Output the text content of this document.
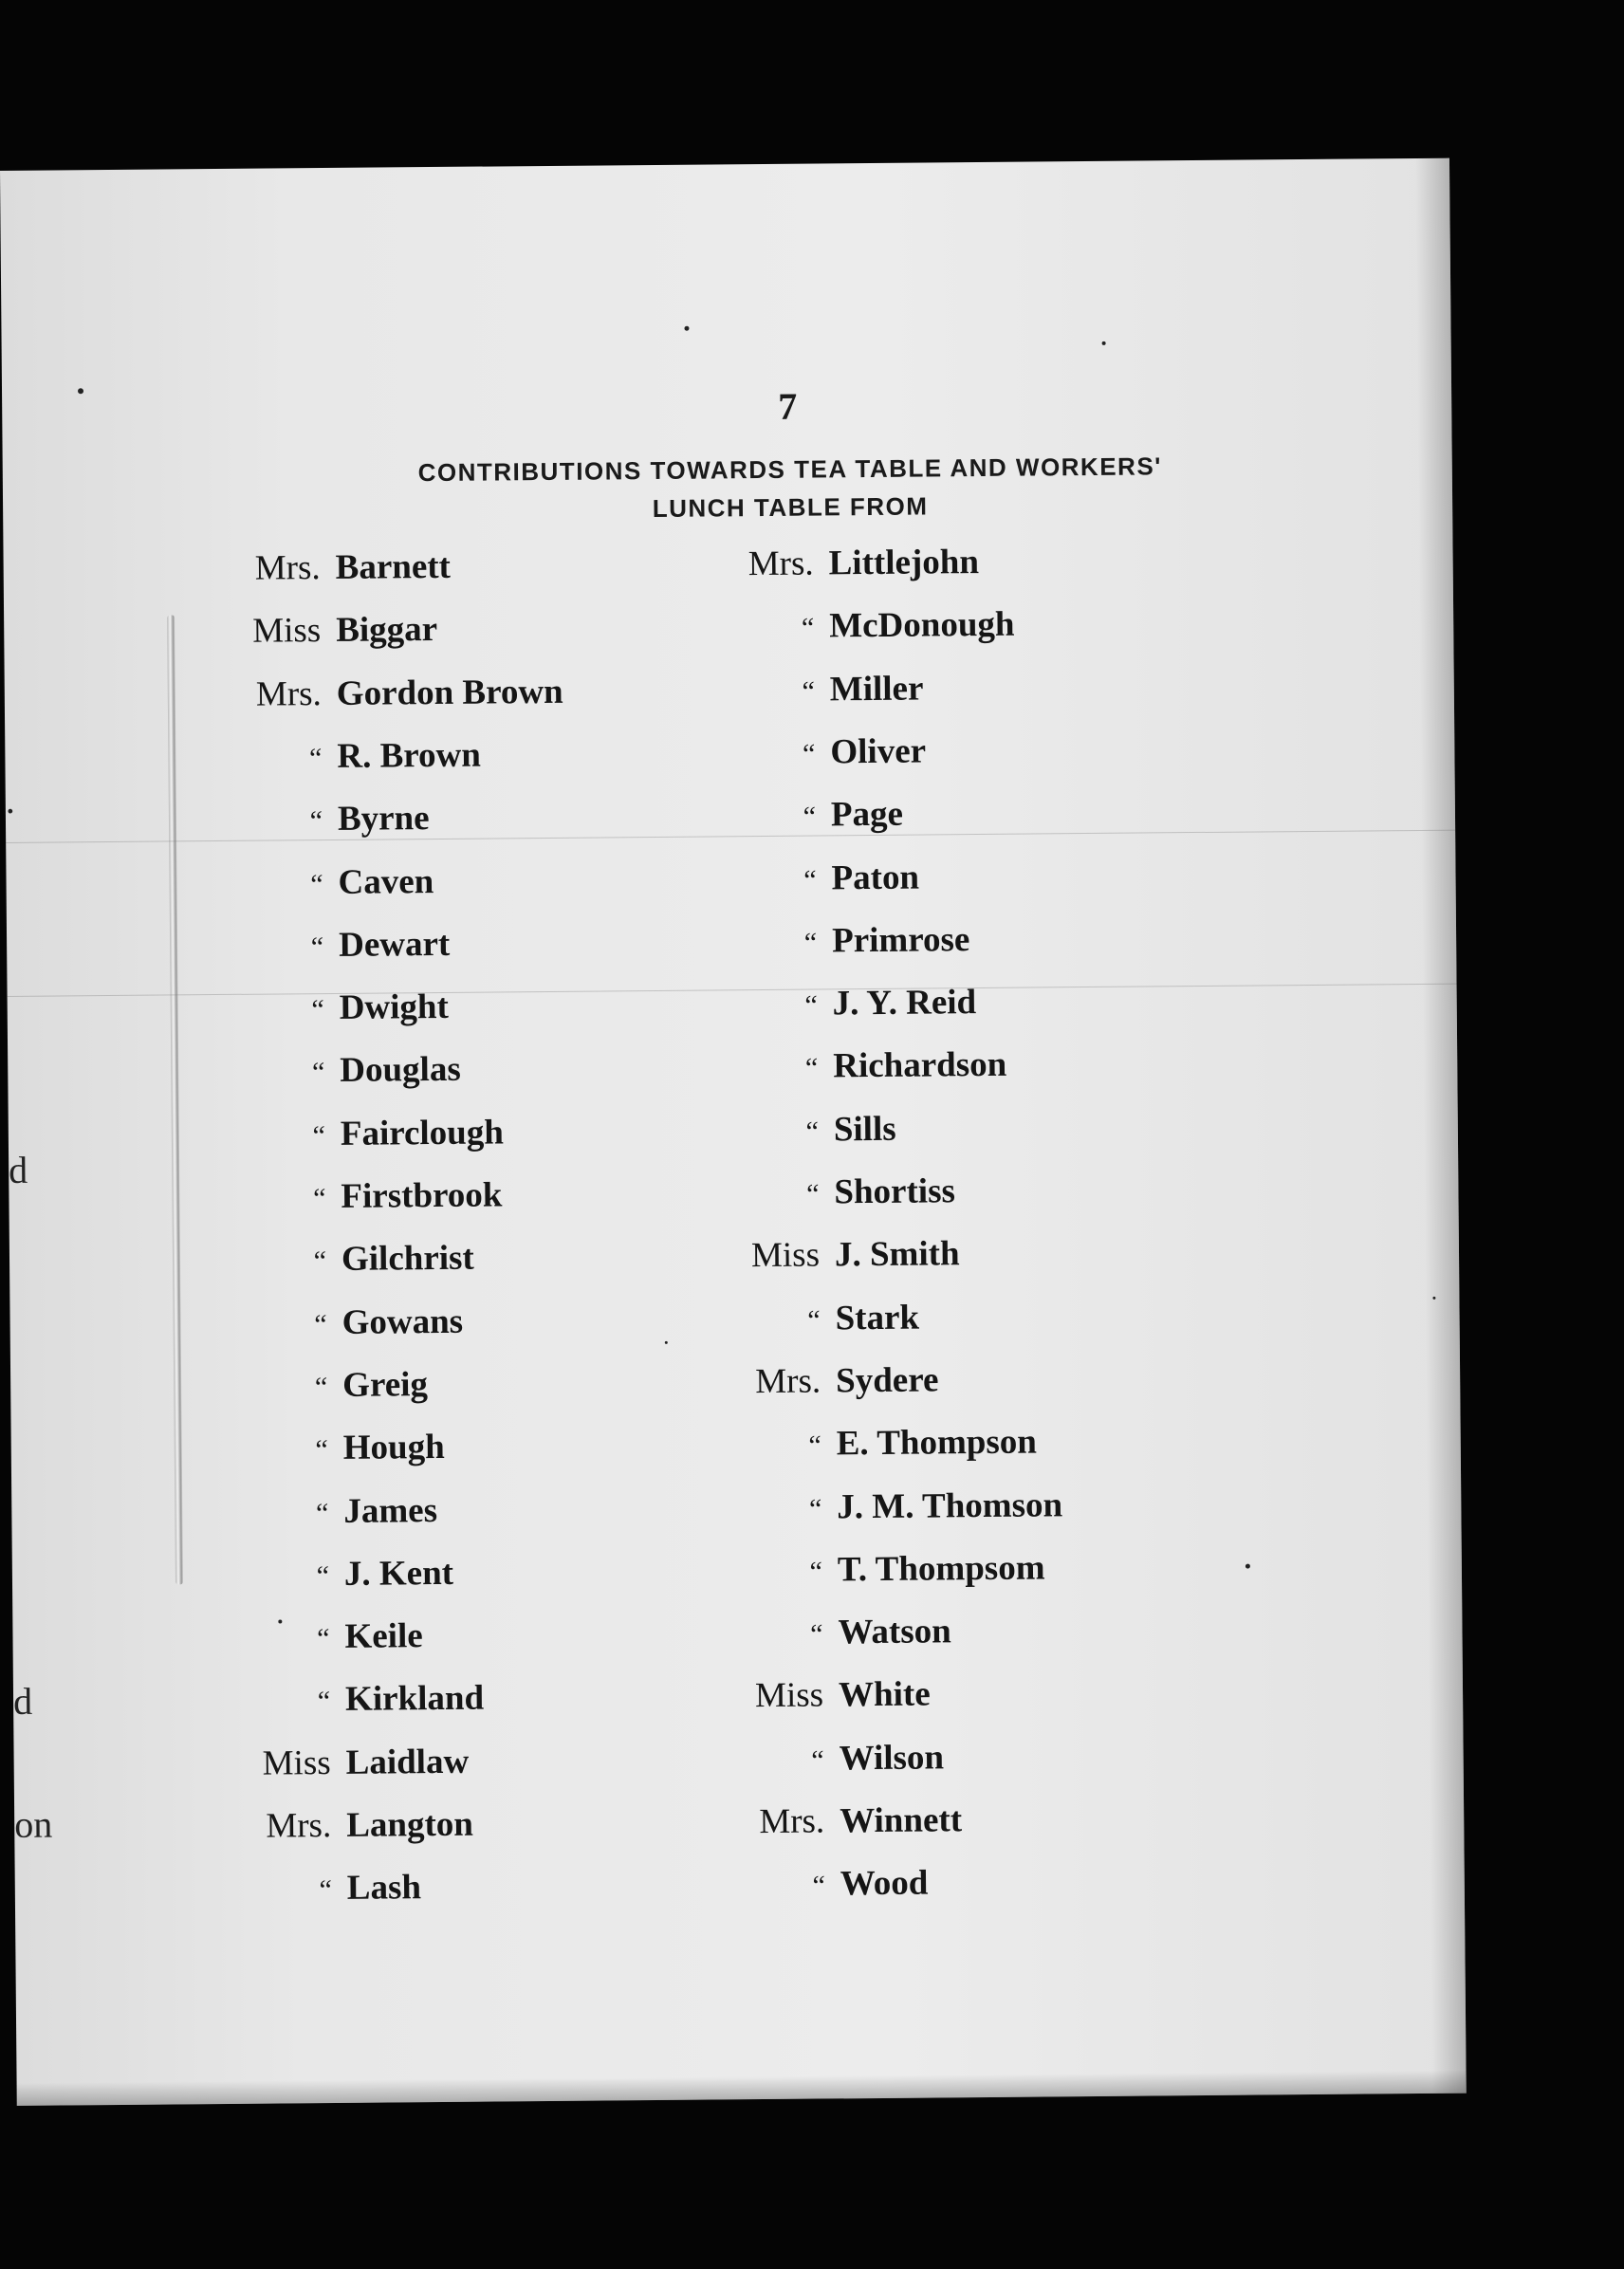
.
d
d
on
7
CONTRIBUTIONS TOWARDS TEA TABLE AND WORKERS'
LUNCH TABLE FROM
Mrs. Barnett
Miss Biggar
Mrs. Gordon Brown
“ R. Brown
“ Byrne
“ Caven
“ Dewart
“ Dwight
“ Douglas
“ Fairclough
“ Firstbrook
“ Gilchrist
“ Gowans
“ Greig
“ Hough
“ James
“ J. Kent
“ Keile
“ Kirkland
Miss Laidlaw
Mrs. Langton
“ Lash
Mrs. Littlejohn
“ McDonough
“ Miller
“ Oliver
“ Page
“ Paton
“ Primrose
“ J. Y. Reid
“ Richardson
“ Sills
“ Shortiss
Miss J. Smith
“ Stark
Mrs. Sydere
“ E. Thompson
“ J. M. Thomson
“ T. Thompsom
“ Watson
Miss White
“ Wilson
Mrs. Winnett
“ Wood
